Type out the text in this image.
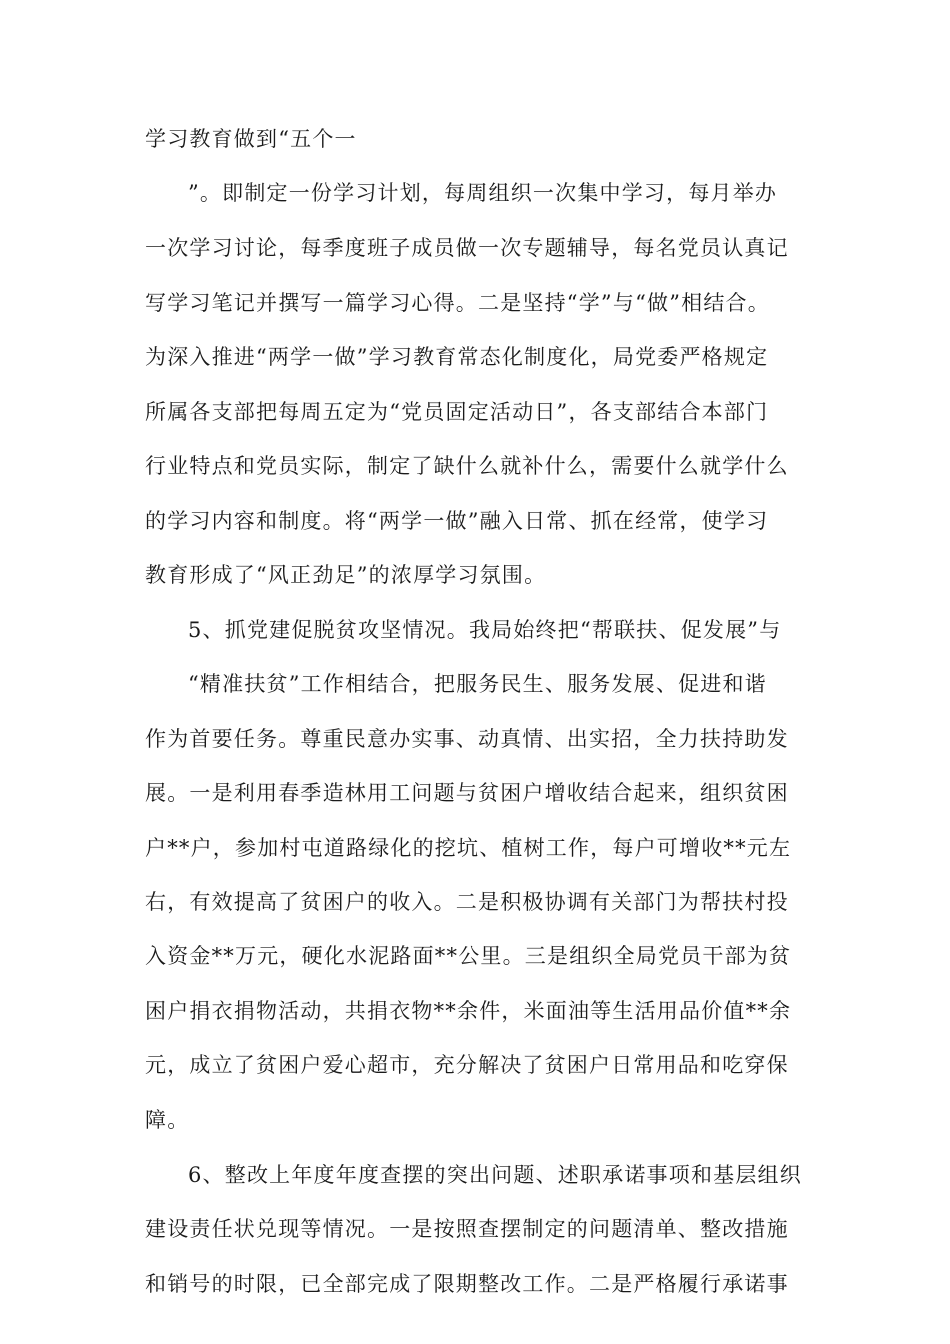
学习教育做到“五个一

”。即制定一份学习计划，每周组织一次集中学习，每月举办

一次学习讨论，每季度班子成员做一次专题辅导，每名党员认真记

写学习笔记并撰写一篇学习心得。二是坚持“学”与“做”相结合。

为深入推进“两学一做”学习教育常态化制度化，局党委严格规定

所属各支部把每周五定为“党员固定活动日”，各支部结合本部门

行业特点和党员实际，制定了缺什么就补什么，需要什么就学什么

的学习内容和制度。将“两学一做”融入日常、抓在经常，使学习

教育形成了“风正劲足”的浓厚学习氛围。

5、抓党建促脱贫攻坚情况。我局始终把“帮联扶、促发展”与

“精准扶贫”工作相结合，把服务民生、服务发展、促进和谐

作为首要任务。尊重民意办实事、动真情、出实招，全力扶持助发

展。一是利用春季造林用工问题与贫困户增收结合起来，组织贫困

户**户，参加村屯道路绿化的挖坑、植树工作，每户可增收**元左

右，有效提高了贫困户的收入。二是积极协调有关部门为帮扶村投

入资金**万元，硬化水泥路面**公里。三是组织全局党员干部为贫

困户捐衣捐物活动，共捐衣物**余件，米面油等生活用品价值**余

元，成立了贫困户爱心超市，充分解决了贫困户日常用品和吃穿保

障。

6、整改上年度年度查摆的突出问题、述职承诺事项和基层组织

建设责任状兑现等情况。一是按照查摆制定的问题清单、整改措施

和销号的时限，已全部完成了限期整改工作。二是严格履行承诺事
